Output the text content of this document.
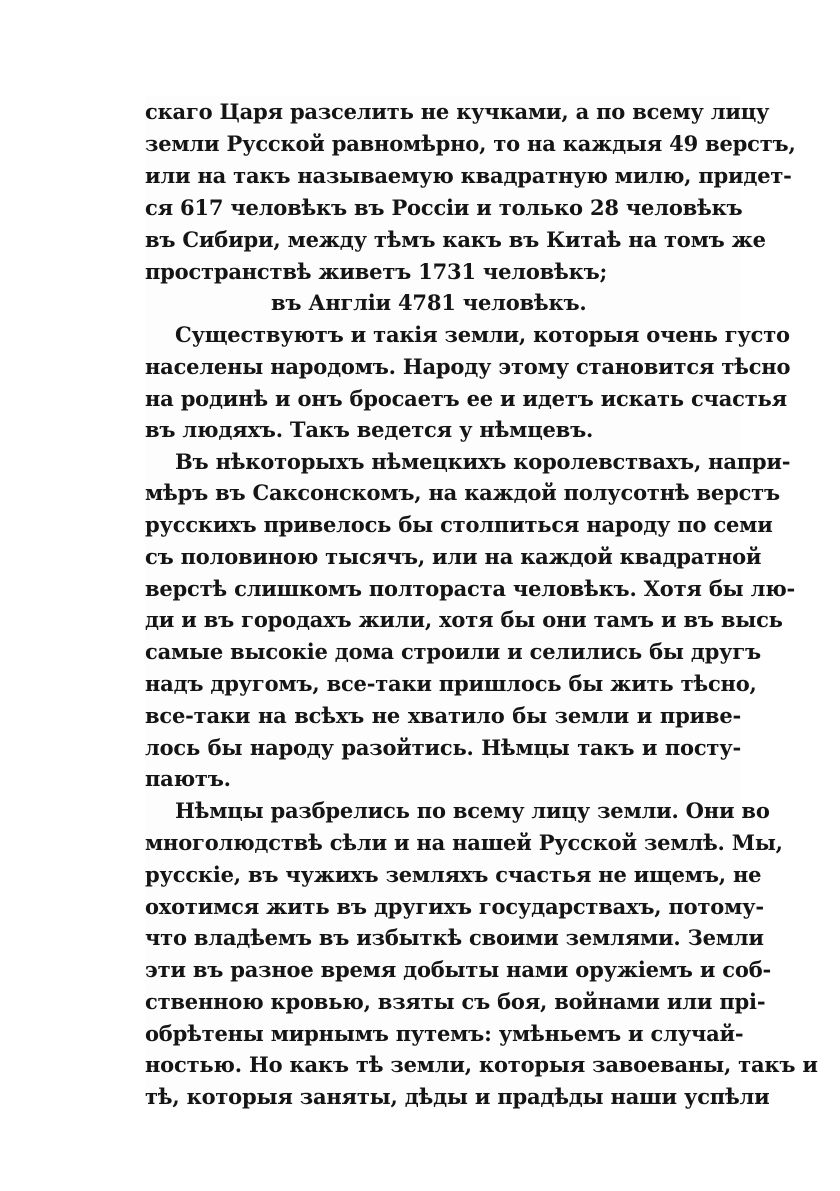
скаго Царя разселить не кучками, а по всему лицу
земли Русской равномѣрно, то на каждыя 49 верстъ,
или на такъ называемую квадратную милю, придет-
ся 617 человѣкъ въ Россіи и только 28 человѣкъ
въ Сибири, между тѣмъ какъ въ Китаѣ на томъ же
пространствѣ живетъ 1731 человѣкъ;
въ Англіи 4781 человѣкъ.
Существуютъ и такія земли, которыя очень густо
населены народомъ. Народу этому становится тѣсно
на родинѣ и онъ бросаетъ ее и идетъ искать счастья
въ людяхъ. Такъ ведется у нѣмцевъ.
Въ нѣкоторыхъ нѣмецкихъ королевствахъ, напри-
мѣръ въ Саксонскомъ, на каждой полусотнѣ верстъ
русскихъ привелось бы столпиться народу по семи
съ половиною тысячъ, или на каждой квадратной
верстѣ слишкомъ полтораста человѣкъ. Хотя бы лю-
ди и въ городахъ жили, хотя бы они тамъ и въ высь
самые высокіе дома строили и селились бы другъ
надъ другомъ, все-таки пришлось бы жить тѣсно,
все-таки на всѣхъ не хватило бы земли и приве-
лось бы народу разойтись. Нѣмцы такъ и посту-
паютъ.
Нѣмцы разбрелись по всему лицу земли. Они во
многолюдствѣ сѣли и на нашей Русской землѣ. Мы,
русскіе, въ чужихъ земляхъ счастья не ищемъ, не
охотимся жить въ другихъ государствахъ, потому-
что владѣемъ въ избыткѣ своими землями. Земли
эти въ разное время добыты нами оружіемъ и соб-
ственною кровью, взяты съ боя, войнами или прі-
обрѣтены мирнымъ путемъ: умѣньемъ и случай-
ностью. Но какъ тѣ земли, которыя завоеваны, такъ и
тѣ, которыя заняты, дѣды и прадѣды наши успѣли
